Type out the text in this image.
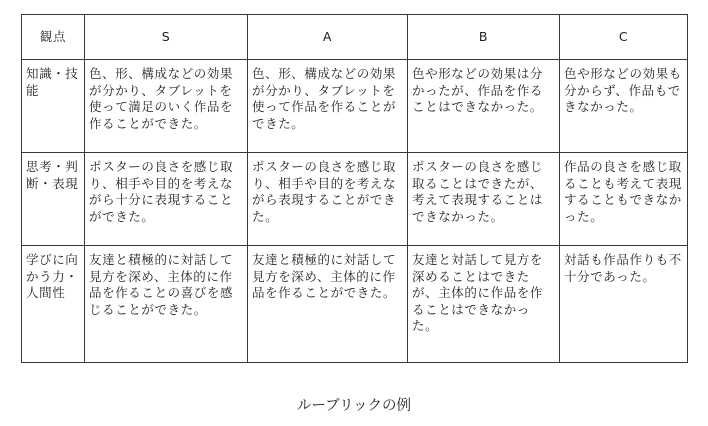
観点	S	A	B	C

知識・技能	色、形、構成などの効果が分かり、タブレットを使って満足のいく作品を作ることができた。	色、形、構成などの効果が分かり、タブレットを使って作品を作ることができた。	色や形などの効果は分かったが、作品を作ることはできなかった。	色や形などの効果も分からず、作品もできなかった。

思考・判断・表現	ポスターの良さを感じ取り、相手や目的を考えながら十分に表現することができた。	ポスターの良さを感じ取り、相手や目的を考えながら表現することができた。	ポスターの良さを感じ取ることはできたが、考えて表現することはできなかった。	作品の良さを感じ取ることも考えて表現することもできなかった。

学びに向かう力・人間性	友達と積極的に対話して見方を深め、主体的に作品を作ることの喜びを感じることができた。	友達と積極的に対話して見方を深め、主体的に作品を作ることができた。	友達と対話して見方を深めることはできたが、主体的に作品を作ることはできなかった。	対話も作品作りも不十分であった。
ルーブリックの例
